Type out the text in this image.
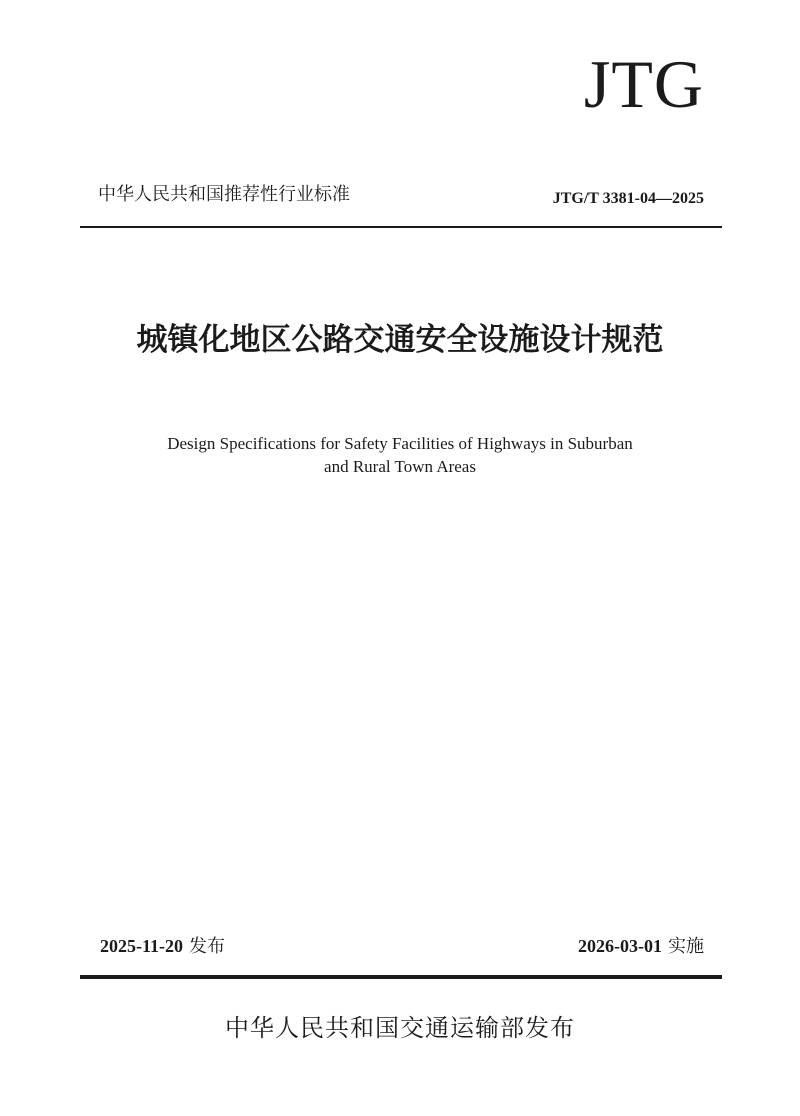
JTG
中华人民共和国推荐性行业标准	JTG/T 3381-04—2025
城镇化地区公路交通安全设施设计规范
Design Specifications for Safety Facilities of Highways in Suburban
and Rural Town Areas
2025-11-20 发布	2026-03-01 实施
中华人民共和国交通运输部发布
